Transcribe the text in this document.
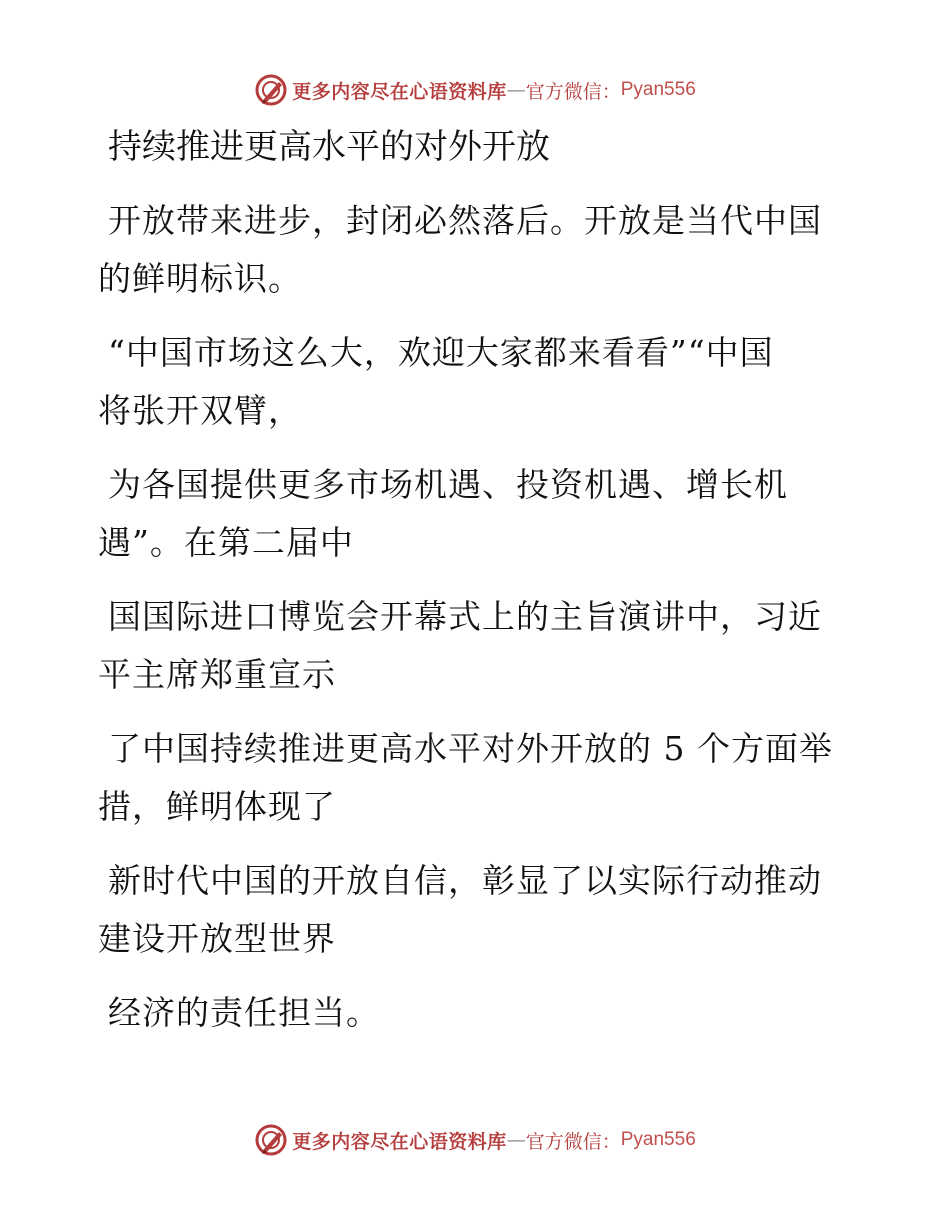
更多内容尽在心语资料库 — 官方微信： Pyan556
持续推进更高水平的对外开放
开放带来进步，封闭必然落后。开放是当代中国
的鲜明标识。
“中国市场这么大，欢迎大家都来看看”“中国
将张开双臂，
为各国提供更多市场机遇、投资机遇、增长机
遇”。在第二届中
国国际进口博览会开幕式上的主旨演讲中，习近
平主席郑重宣示
了中国持续推进更高水平对外开放的 5 个方面举
措，鲜明体现了
新时代中国的开放自信，彰显了以实际行动推动
建设开放型世界
经济的责任担当。
更多内容尽在心语资料库 — 官方微信： Pyan556
